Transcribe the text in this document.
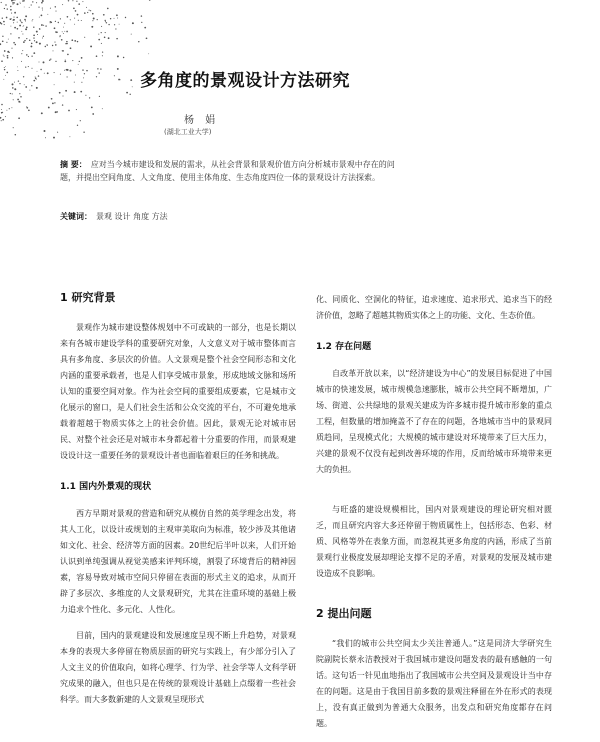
多角度的景观设计方法研究
杨 娟
(湖北工业大学)
摘 要： 应对当今城市建设和发展的需求，从社会背景和景观价值方向分析城市景观中存在的问题，并提出空间角度、人文角度、使用主体角度、生态角度四位一体的景观设计方法探索。
关键词： 景观 设计 角度 方法
1 研究背景

景观作为城市建设整体规划中不可或缺的一部分，也是长期以来有各城市建设学科的重要研究对象，人文意义对于城市整体而言具有多角度、多层次的价值。人文景观是整个社会空间形态和文化内涵的重要承载者，也是人们享受城市景象，形成地域文脉和场所认知的重要空间对象。作为社会空间的重要组成要素，它是城市文化展示的窗口，是人们社会生活和公众交流的平台，不可避免地承载着超越于物质实体之上的社会价值。因此，景观无论对城市居民、对整个社会还是对城市本身都起着十分重要的作用，而景观建设设计这一重要任务的景观设计者也面临着艰巨的任务和挑战。

1.1 国内外景观的现状

西方早期对景观的营造和研究从模仿自然的英学理念出发，将其人工化，以设计或规划的主观审美取向为标准，较少涉及其他诸如文化、社会、经济等方面的因素。20世纪后半叶以来，人们开始认识到单纯强调从视觉美感来评判环境，割裂了环境背后的精神因素，容易导致对城市空间只停留在表面的形式主义的追求，从而开辟了多层次、多维度的人文景观研究，尤其在注重环境的基础上极力追求个性化、多元化、人性化。

目前，国内的景观建设和发展速度呈现不断上升趋势，对景观本身的表现大多停留在物质层面的研究与实践上，有少部分引入了人文主义的价值取向，如将心理学、行为学、社会学等人文科学研究成果的融入，但也只是在传统的景观设计基础上点缀着一些社会科学。而大多数新建的人文景观呈现形式

化、同质化、空洞化的特征，追求速度、追求形式、追求当下的经济价值，忽略了超越其物质实体之上的功能、文化、生态价值。

1.2 存在问题

自改革开放以来，以“经济建设为中心”的发展目标促进了中国城市的快速发展，城市规模急速膨胀，城市公共空间不断增加，广场、街道、公共绿地的景观关建成为许多城市提升城市形象的重点工程，但数量的增加掩盖不了存在的问题，各地城市当中的景观同质趋同，呈现模式化；大规模的城市建设对环境带来了巨大压力，兴建的景观不仅没有起到改善环境的作用，反而给城市环境带来更大的负担。

与旺盛的建设规模相比，国内对景观建设的理论研究相对匮乏，而且研究内容大多还停留于物质属性上，包括形态、色彩、材质、风格等外在表象方面，而忽视其更多角度的内涵，形成了当前景观行业极度发展却理论支撑不足的矛盾，对景观的发展及城市建设造成不良影响。

2 提出问题

“我们的城市公共空间太少关注普通人。”这是同济大学研究生院副院长蔡永洁教授对于我国城市建设问题发表的最有感触的一句话。这句话一针见血地指出了我国城市公共空间及景观设计当中存在的问题。这是由于我国目前多数的景观注释留在外在形式的表现上，没有真正做到为普通大众服务，出发点和研究角度都存在问题。
